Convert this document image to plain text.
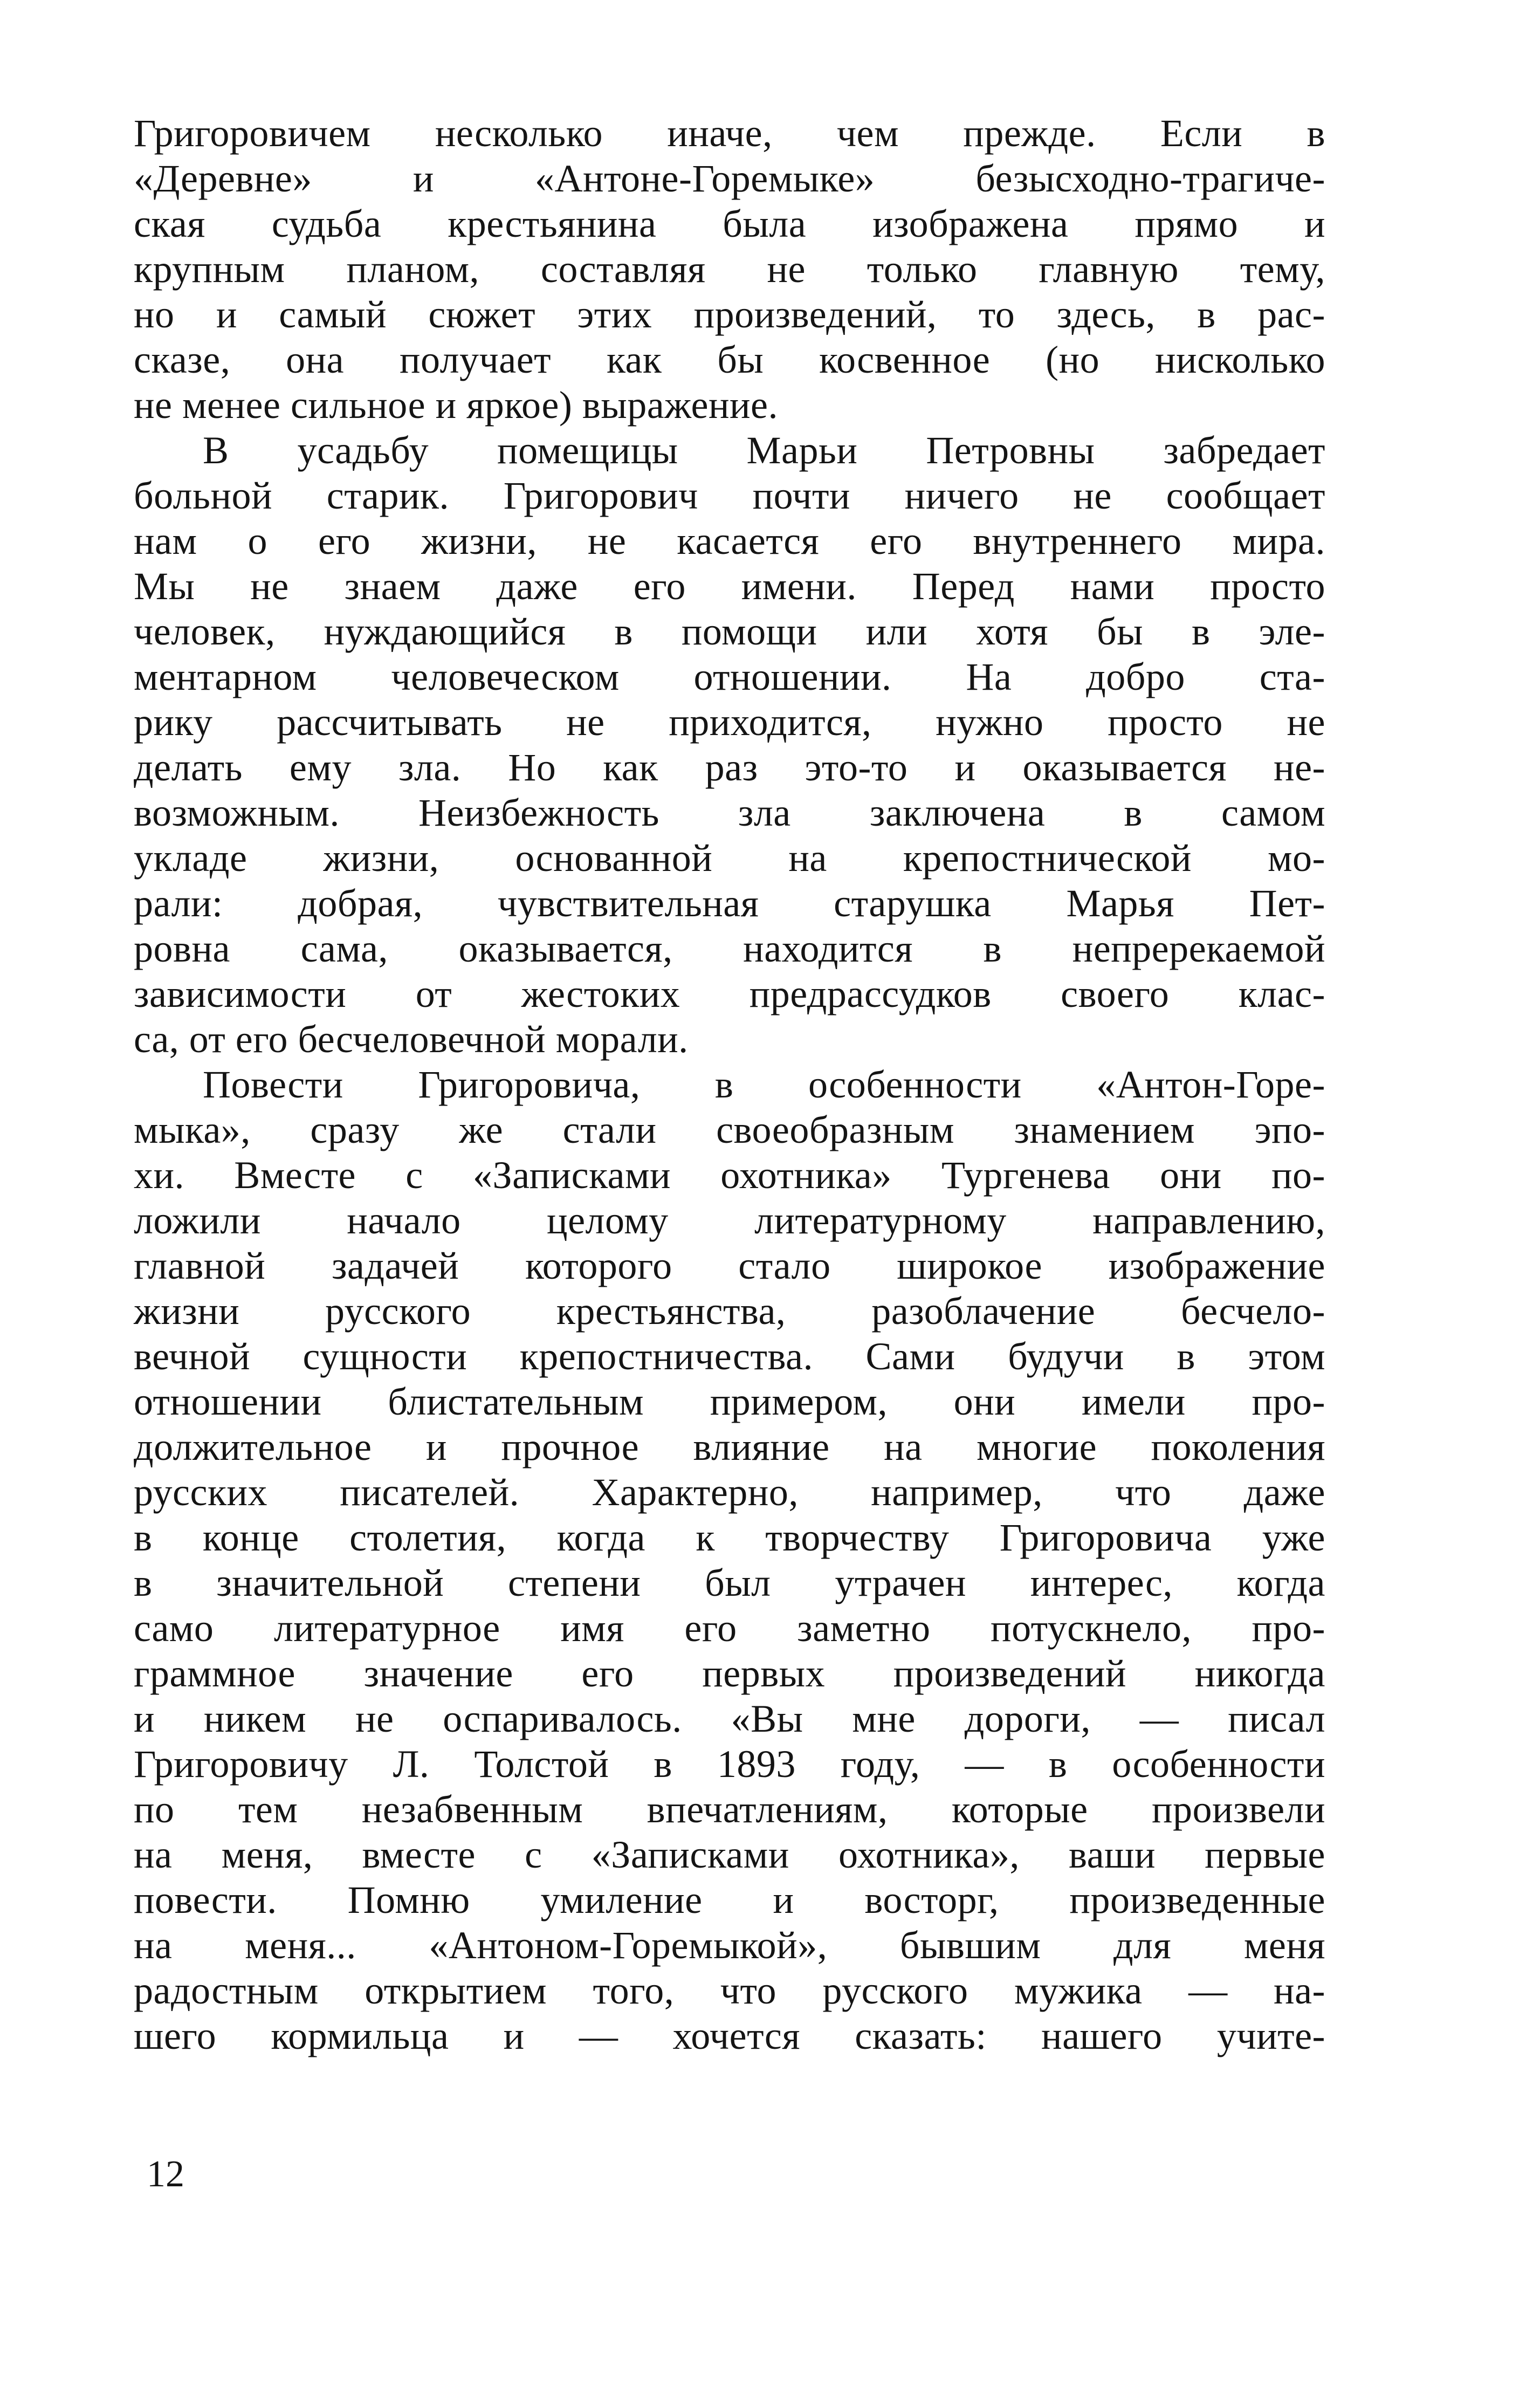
Григоровичем несколько иначе, чем прежде. Если в
«Деревне» и «Антоне-Горемыке» безысходно-трагиче-
ская судьба крестьянина была изображена прямо и
крупным планом, составляя не только главную тему,
но и самый сюжет этих произведений, то здесь, в рас-
сказе, она получает как бы косвенное (но нисколько
не менее сильное и яркое) выражение.
В усадьбу помещицы Марьи Петровны забредает
больной старик. Григорович почти ничего не сообщает
нам о его жизни, не касается его внутреннего мира.
Мы не знаем даже его имени. Перед нами просто
человек, нуждающийся в помощи или хотя бы в эле-
ментарном человеческом отношении. На добро ста-
рику рассчитывать не приходится, нужно просто не
делать ему зла. Но как раз это-то и оказывается не-
возможным. Неизбежность зла заключена в самом
укладе жизни, основанной на крепостнической мо-
рали: добрая, чувствительная старушка Марья Пет-
ровна сама, оказывается, находится в непререкаемой
зависимости от жестоких предрассудков своего клас-
са, от его бесчеловечной морали.
Повести Григоровича, в особенности «Антон-Горе-
мыка», сразу же стали своеобразным знамением эпо-
хи. Вместе с «Записками охотника» Тургенева они по-
ложили начало целому литературному направлению,
главной задачей которого стало широкое изображение
жизни русского крестьянства, разоблачение бесчело-
вечной сущности крепостничества. Сами будучи в этом
отношении блистательным примером, они имели про-
должительное и прочное влияние на многие поколения
русских писателей. Характерно, например, что даже
в конце столетия, когда к творчеству Григоровича уже
в значительной степени был утрачен интерес, когда
само литературное имя его заметно потускнело, про-
граммное значение его первых произведений никогда
и никем не оспаривалось. «Вы мне дороги, — писал
Григоровичу Л. Толстой в 1893 году, — в особенности
по тем незабвенным впечатлениям, которые произвели
на меня, вместе с «Записками охотника», ваши первые
повести. Помню умиление и восторг, произведенные
на меня... «Антоном-Горемыкой», бывшим для меня
радостным открытием того, что русского мужика — на-
шего кормильца и — хочется сказать: нашего учите-
12
